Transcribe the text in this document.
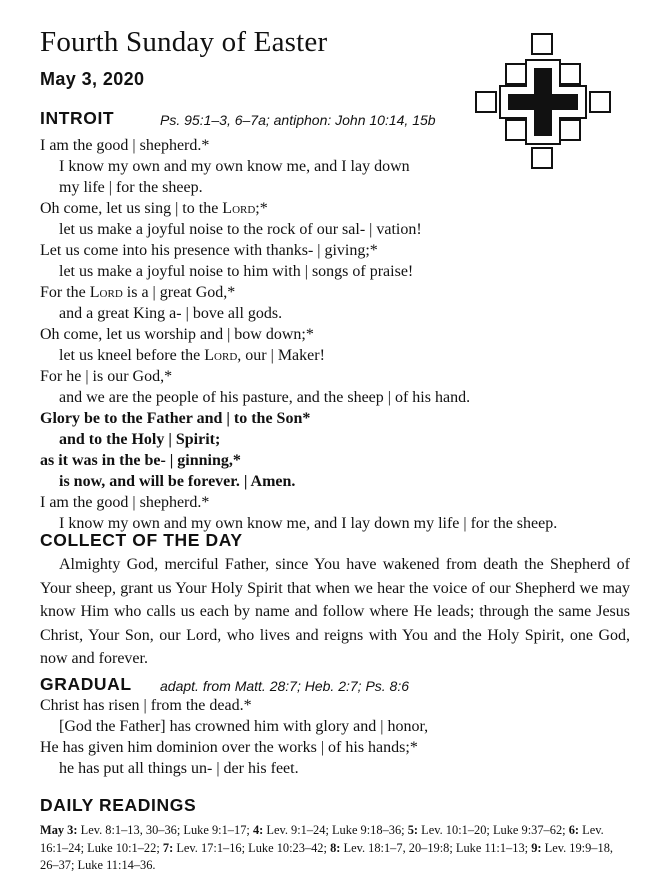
Fourth Sunday of Easter
May 3, 2020
INTROIT	Ps. 95:1–3, 6–7a; antiphon: John 10:14, 15b
I am the good | shepherd.*
I know my own and my own know me, and I lay down
my life | for the sheep.
Oh come, let us sing | to the Lord;*
let us make a joyful noise to the rock of our sal- | vation!
Let us come into his presence with thanks- | giving;*
let us make a joyful noise to him with | songs of praise!
For the Lord is a | great God,*
and a great King a- | bove all gods.
Oh come, let us worship and | bow down;*
let us kneel before the Lord, our | Maker!
For he | is our God,*
and we are the people of his pasture, and the sheep | of his hand.
Glory be to the Father and | to the Son*
and to the Holy | Spirit;
as it was in the be- | ginning,*
is now, and will be forever. | Amen.
I am the good | shepherd.*
I know my own and my own know me, and I lay down my life | for the sheep.
COLLECT OF THE DAY

Almighty God, merciful Father, since You have wakened from death the Shepherd of Your sheep, grant us Your Holy Spirit that when we hear the voice of our Shepherd we may know Him who calls us each by name and follow where He leads; through the same Jesus Christ, Your Son, our Lord, who lives and reigns with You and the Holy Spirit, one God, now and forever.

GRADUAL adapt. from Matt. 28:7; Heb. 2:7; Ps. 8:6
Christ has risen | from the dead.*
[God the Father] has crowned him with glory and | honor,
He has given him dominion over the works | of his hands;*
he has put all things un- | der his feet.
DAILY READINGS

May 3: Lev. 8:1–13, 30–36; Luke 9:1–17; 4: Lev. 9:1–24; Luke 9:18–36; 5: Lev. 10:1–20; Luke 9:37–62; 6: Lev. 16:1–24; Luke 10:1–22; 7: Lev. 17:1–16; Luke 10:23–42; 8: Lev. 18:1–7, 20–19:8; Luke 11:1–13; 9: Lev. 19:9–18, 26–37; Luke 11:14–36.
